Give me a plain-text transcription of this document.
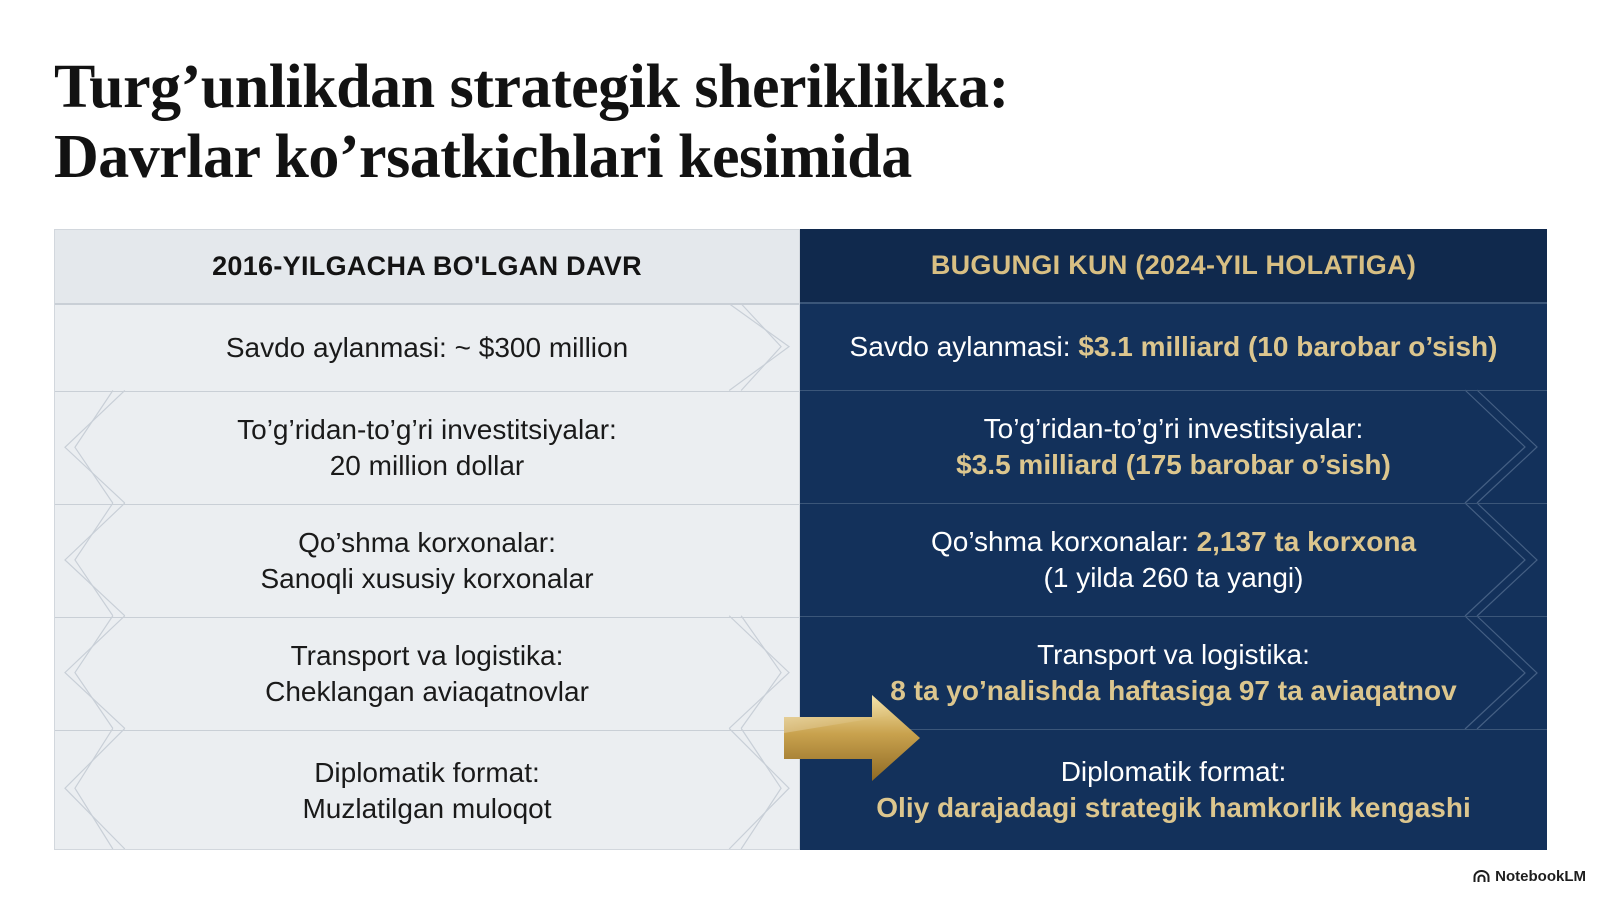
Turg’unlikdan strategik sheriklikka:
Davrlar ko’rsatkichlari kesimida
2016-YILGACHA BO'LGAN DAVR
Savdo aylanmasi: ~ $300 million
To’g’ridan-to’g’ri investitsiyalar:
20 million dollar
Qo’shma korxonalar:
Sanoqli xususiy korxonalar
Transport va logistika:
Cheklangan aviaqatnovlar
Diplomatik format:
Muzlatilgan muloqot
BUGUNGI KUN (2024-YIL HOLATIGA)
Savdo aylanmasi: $3.1 milliard (10 barobar o’sish)
To’g’ridan-to’g’ri investitsiyalar:
$3.5 milliard (175 barobar o’sish)
Qo’shma korxonalar: 2,137 ta korxona
(1 yilda 260 ta yangi)
Transport va logistika:
8 ta yo’nalishda haftasiga 97 ta aviaqatnov
Diplomatik format:
Oliy darajadagi strategik hamkorlik kengashi
NotebookLM
